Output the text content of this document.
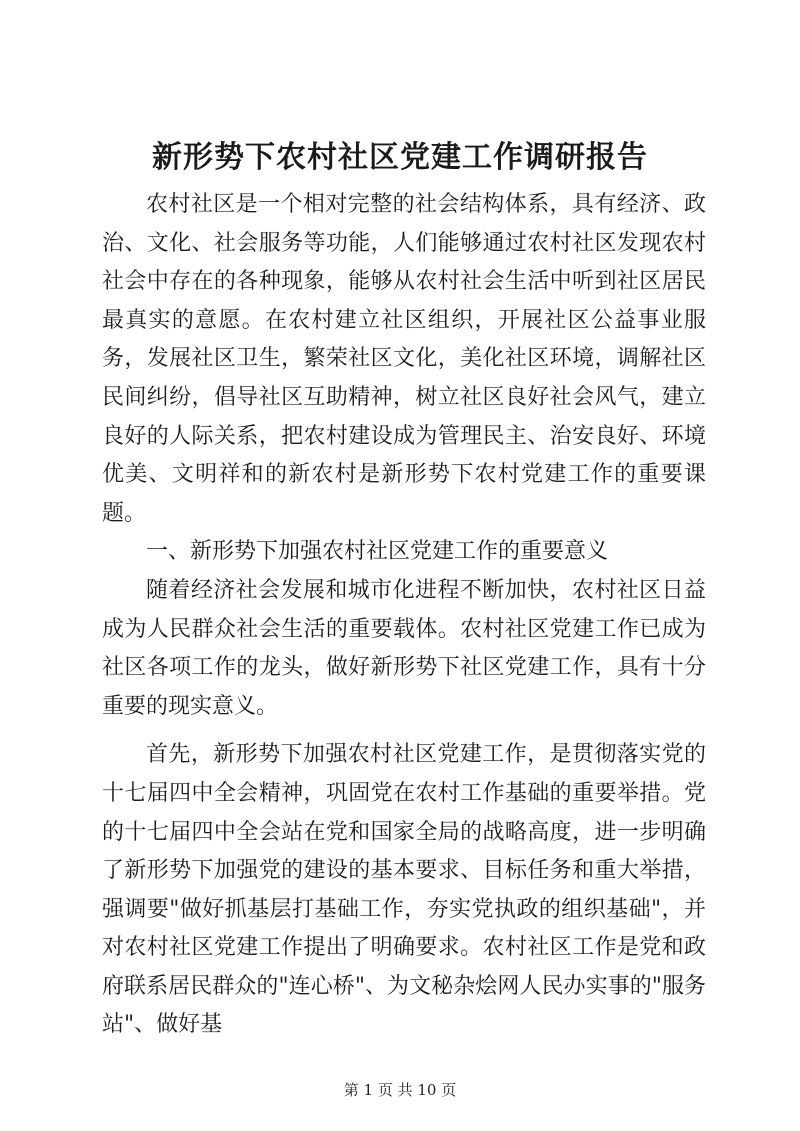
新形势下农村社区党建工作调研报告

农村社区是一个相对完整的社会结构体系，具有经济、政治、文化、社会服务等功能，人们能够通过农村社区发现农村社会中存在的各种现象，能够从农村社会生活中听到社区居民最真实的意愿。在农村建立社区组织，开展社区公益事业服务，发展社区卫生，繁荣社区文化，美化社区环境，调解社区民间纠纷，倡导社区互助精神，树立社区良好社会风气，建立良好的人际关系，把农村建设成为管理民主、治安良好、环境优美、文明祥和的新农村是新形势下农村党建工作的重要课题。

一、新形势下加强农村社区党建工作的重要意义

随着经济社会发展和城市化进程不断加快，农村社区日益成为人民群众社会生活的重要载体。农村社区党建工作已成为社区各项工作的龙头，做好新形势下社区党建工作，具有十分重要的现实意义。

首先，新形势下加强农村社区党建工作，是贯彻落实党的十七届四中全会精神，巩固党在农村工作基础的重要举措。党的十七届四中全会站在党和国家全局的战略高度，进一步明确了新形势下加强党的建设的基本要求、目标任务和重大举措，强调要"做好抓基层打基础工作，夯实党执政的组织基础"，并对农村社区党建工作提出了明确要求。农村社区工作是党和政府联系居民群众的"连心桥"、为文秘杂烩网人民办实事的"服务站"、做好基

第 1 页 共 10 页
